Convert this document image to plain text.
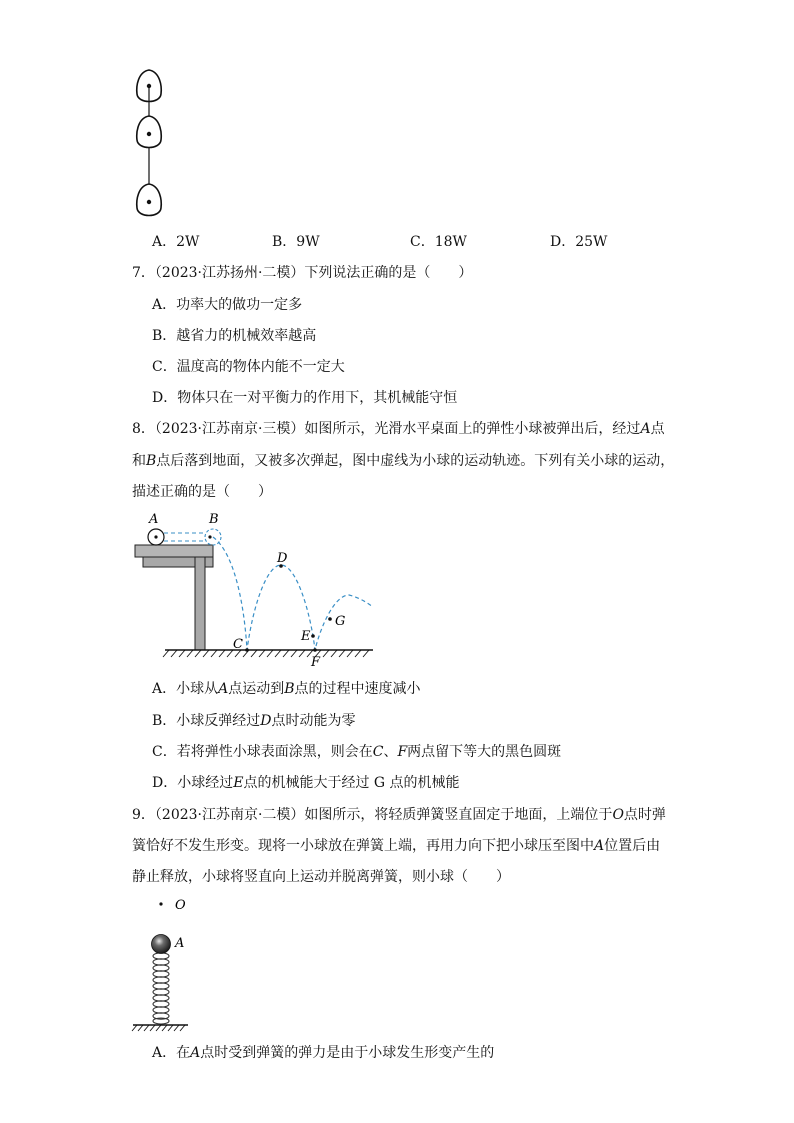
A．2W	B．9W	C．18W	D．25W
7．（2023·江苏扬州·二模）下列说法正确的是（　　）
A．功率大的做功一定多
B．越省力的机械效率越高
C．温度高的物体内能不一定大
D．物体只在一对平衡力的作用下，其机械能守恒
8．（2023·江苏南京·三模）如图所示，光滑水平桌面上的弹性小球被弹出后，经过A点
和B点后落到地面，又被多次弹起，图中虚线为小球的运动轨迹。下列有关小球的运动，
描述正确的是（　　）
A	B
C
D
E
F
G
A．小球从A点运动到B点的过程中速度减小
B．小球反弹经过D点时动能为零
C．若将弹性小球表面涂黑，则会在C、F两点留下等大的黑色圆斑
D．小球经过E点的机械能大于经过 G 点的机械能
9．（2023·江苏南京·二模）如图所示，将轻质弹簧竖直固定于地面，上端位于O点时弹
簧恰好不发生形变。现将一小球放在弹簧上端，再用力向下把小球压至图中A位置后由
静止释放，小球将竖直向上运动并脱离弹簧，则小球（　　）
O
A
A．在A点时受到弹簧的弹力是由于小球发生形变产生的
